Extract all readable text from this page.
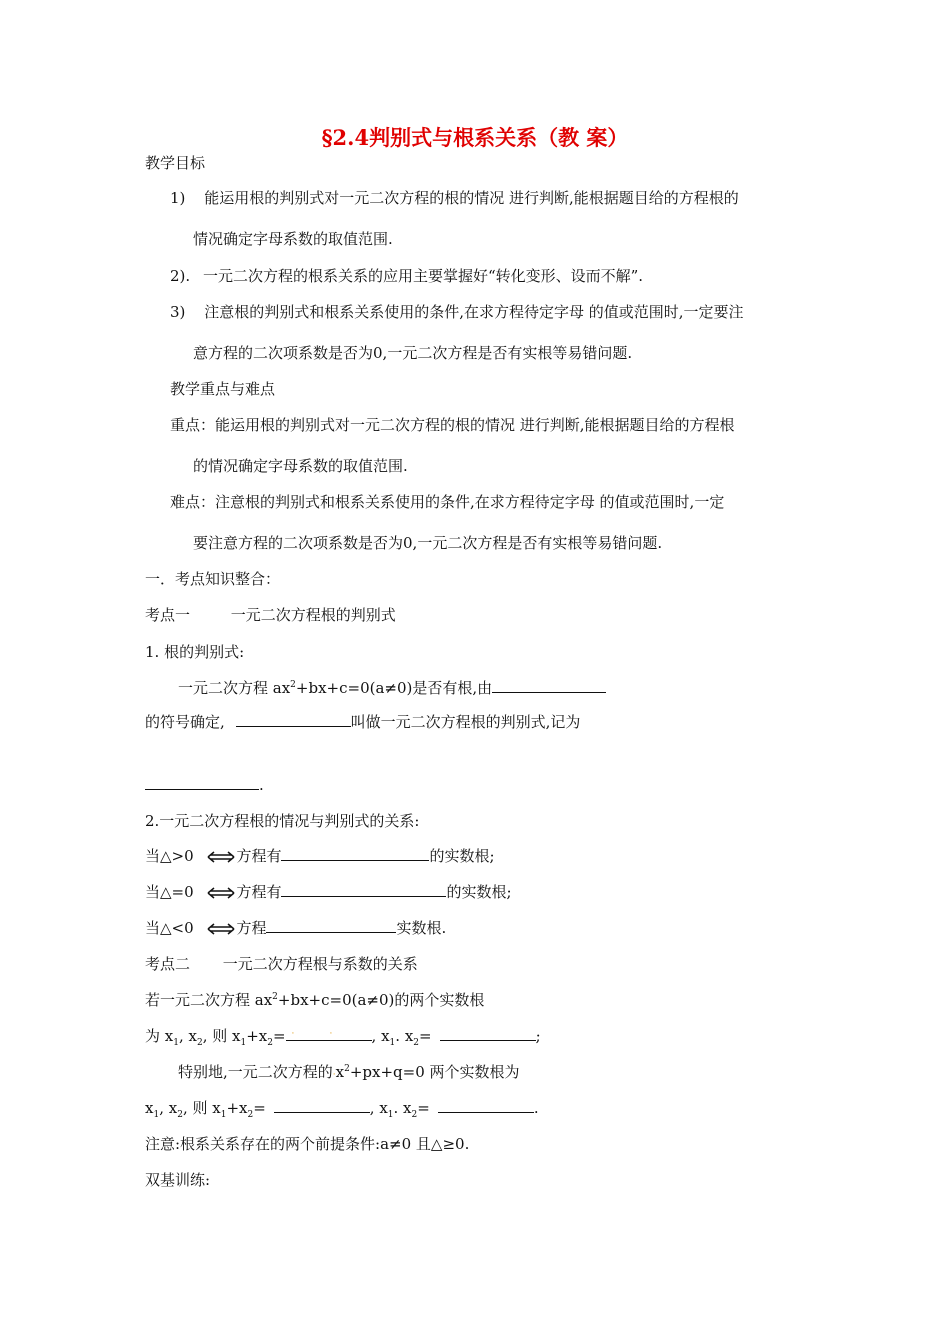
§2.4判别式与根系关系（教 案）
教学目标
1) 能运用根的判别式对一元二次方程的根的情况 进行判断,能根据题目给的方程根的
情况确定字母系数的取值范围.
2). 一元二次方程的根系关系的应用主要掌握好“转化变形、设而不解”.
3) 注意根的判别式和根系关系使用的条件,在求方程待定字母 的值或范围时,一定要注
意方程的二次项系数是否为0,一元二次方程是否有实根等易错问题.
教学重点与难点
重点：能运用根的判别式对一元二次方程的根的情况 进行判断,能根据题目给的方程根
的情况确定字母系数的取值范围.
难点：注意根的判别式和根系关系使用的条件,在求方程待定字母 的值或范围时,一定
要注意方程的二次项系数是否为0,一元二次方程是否有实根等易错问题.
一．考点知识整合：
考点一	一元二次方程根的判别式
1. 根的判别式:
一元二次方程 $ax^2+bx+c=0(a\ne 0)$是否有根,由
的符号确定,	叫做一元二次方程根的判别式,记为
.
2.一元二次方程根的情况与判别式的关系:
当△>0	方程有	的实数根;
当△=0	方程有	的实数根;
当△<0	方程	实数根.
考点二 一元二次方程根与系数的关系
若一元二次方程 $ax^2+bx+c=0(a\ne 0)$的两个实数根
为 $x_1$, $x_2$, 则 $x_1+x_2=$ ·	·	, $x_1$. $x_2=$	;
特别地,一元二次方程的$\cdot x^2+px+q=0$ 两个实数根为
$x_1$, $x_2$, 则 $x_1+x_2=$	, $x_1$. $x_2=$	.
注意:根系关系存在的两个前提条件:a≠0 且△≥0.
双基训练:
